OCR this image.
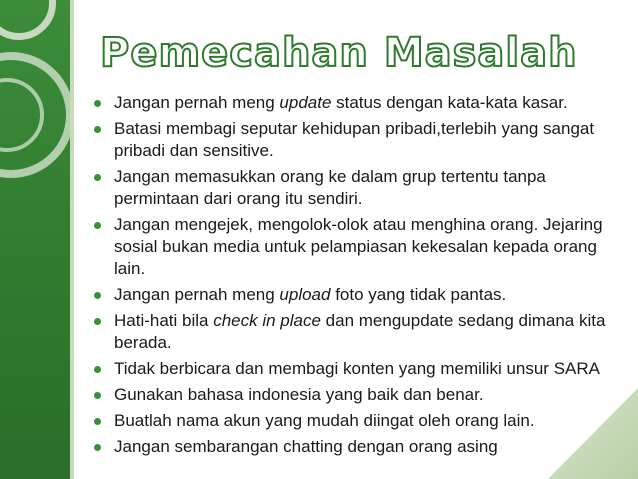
Pemecahan Masalah
Jangan pernah meng update status dengan kata-kata kasar.
Batasi membagi seputar kehidupan pribadi,terlebih yang sangat pribadi dan sensitive.
Jangan memasukkan orang ke dalam grup tertentu tanpa permintaan dari orang itu sendiri.
Jangan mengejek, mengolok-olok atau menghina orang. Jejaring sosial bukan media untuk pelampiasan kekesalan kepada orang lain.
Jangan pernah meng upload foto yang tidak pantas.
Hati-hati bila check in place dan mengupdate sedang dimana kita berada.
Tidak berbicara dan membagi konten yang memiliki unsur SARA
Gunakan bahasa indonesia yang baik dan benar.
Buatlah nama akun yang mudah diingat oleh orang lain.
Jangan sembarangan chatting dengan orang asing
